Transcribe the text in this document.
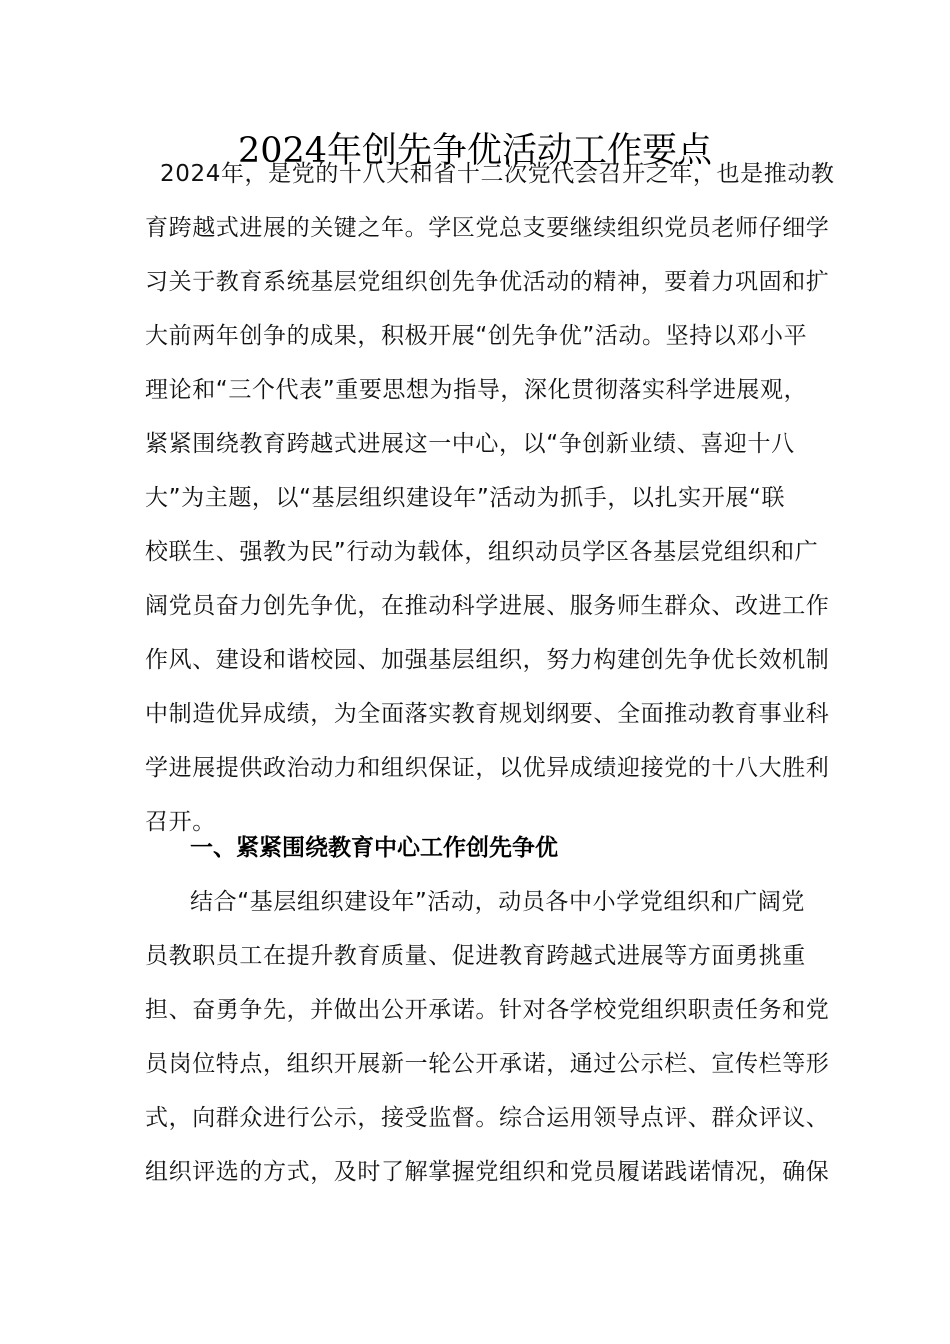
2024年创先争优活动工作要点
2024年，是党的十八大和省十二次党代会召开之年，也是推动教
育跨越式进展的关键之年。学区党总支要继续组织党员老师仔细学
习关于教育系统基层党组织创先争优活动的精神，要着力巩固和扩
大前两年创争的成果，积极开展“创先争优”活动。坚持以邓小平
理论和“三个代表”重要思想为指导，深化贯彻落实科学进展观，
紧紧围绕教育跨越式进展这一中心，以“争创新业绩、喜迎十八
大”为主题，以“基层组织建设年”活动为抓手，以扎实开展“联
校联生、强教为民”行动为载体，组织动员学区各基层党组织和广
阔党员奋力创先争优，在推动科学进展、服务师生群众、改进工作
作风、建设和谐校园、加强基层组织，努力构建创先争优长效机制
中制造优异成绩，为全面落实教育规划纲要、全面推动教育事业科
学进展提供政治动力和组织保证，以优异成绩迎接党的十八大胜利
召开。
一、紧紧围绕教育中心工作创先争优
结合“基层组织建设年”活动，动员各中小学党组织和广阔党
员教职员工在提升教育质量、促进教育跨越式进展等方面勇挑重
担、奋勇争先，并做出公开承诺。针对各学校党组织职责任务和党
员岗位特点，组织开展新一轮公开承诺，通过公示栏、宣传栏等形
式，向群众进行公示，接受监督。综合运用领导点评、群众评议、
组织评选的方式，及时了解掌握党组织和党员履诺践诺情况，确保
